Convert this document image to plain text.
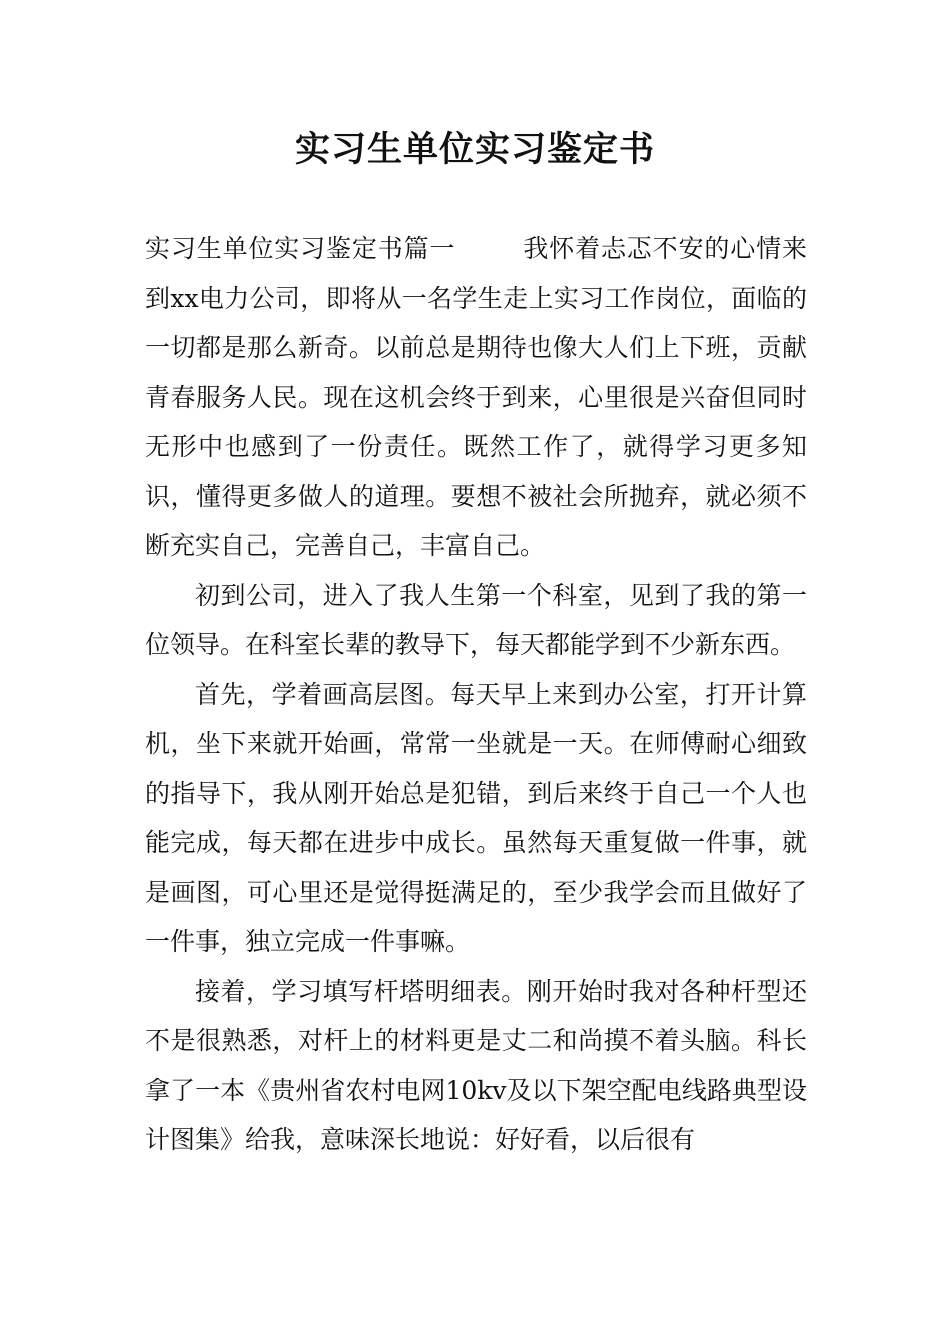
实习生单位实习鉴定书

实习生单位实习鉴定书篇一	我怀着忐忑不安的心情来到xx电力公司，即将从一名学生走上实习工作岗位，面临的一切都是那么新奇。以前总是期待也像大人们上下班，贡献青春服务人民。现在这机会终于到来，心里很是兴奋但同时无形中也感到了一份责任。既然工作了，就得学习更多知识，懂得更多做人的道理。要想不被社会所抛弃，就必须不断充实自己，完善自己，丰富自己。

初到公司，进入了我人生第一个科室，见到了我的第一位领导。在科室长辈的教导下，每天都能学到不少新东西。

首先，学着画高层图。每天早上来到办公室，打开计算机，坐下来就开始画，常常一坐就是一天。在师傅耐心细致的指导下，我从刚开始总是犯错，到后来终于自己一个人也能完成，每天都在进步中成长。虽然每天重复做一件事，就是画图，可心里还是觉得挺满足的，至少我学会而且做好了一件事，独立完成一件事嘛。

接着，学习填写杆塔明细表。刚开始时我对各种杆型还不是很熟悉，对杆上的材料更是丈二和尚摸不着头脑。科长拿了一本《贵州省农村电网10kv及以下架空配电线路典型设计图集》给我，意味深长地说：好好看，以后很有
